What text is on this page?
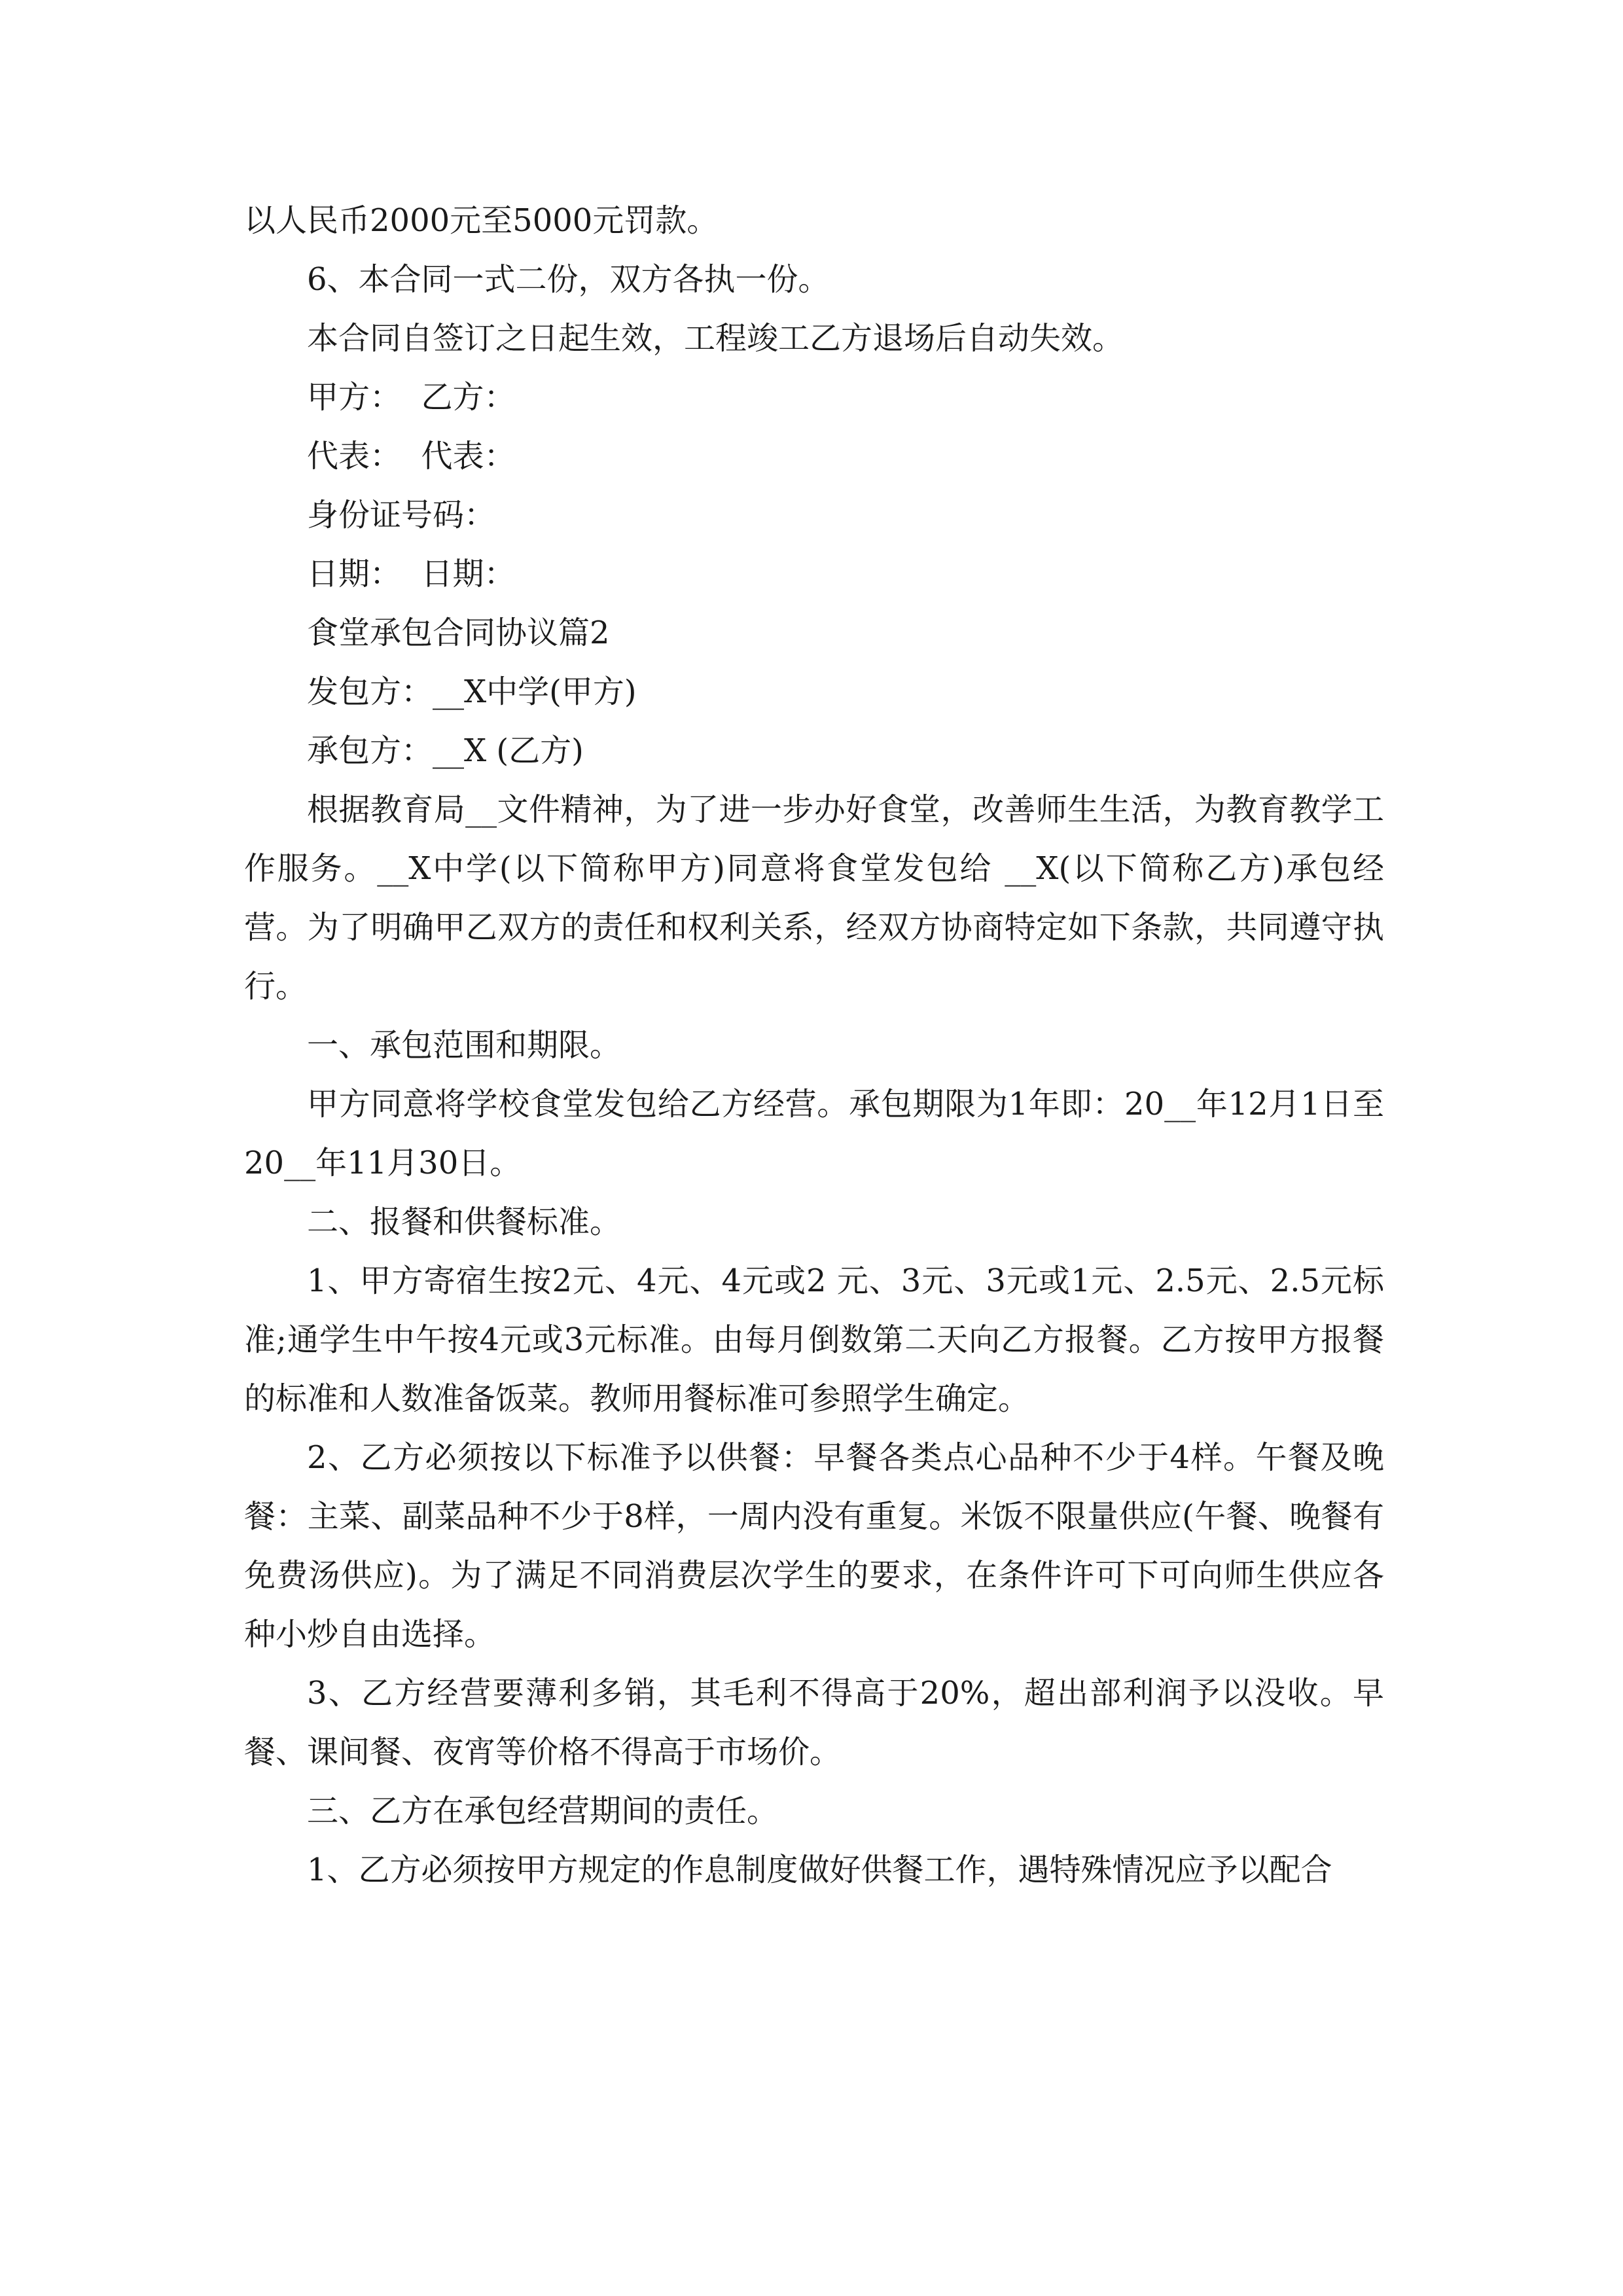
以人民币2000元至5000元罚款。

6、本合同一式二份，双方各执一份。

本合同自签订之日起生效，工程竣工乙方退场后自动失效。

甲方：  乙方：

代表：  代表：

身份证号码：

日期：  日期：

食堂承包合同协议篇2

发包方：__X中学(甲方)

承包方：__X (乙方)

根据教育局__文件精神，为了进一步办好食堂，改善师生生活，为教育教学工作服务。__X中学(以下简称甲方)同意将食堂发包给 __X(以下简称乙方)承包经营。为了明确甲乙双方的责任和权利关系，经双方协商特定如下条款，共同遵守执行。

一、承包范围和期限。

甲方同意将学校食堂发包给乙方经营。承包期限为1年即：20__年12月1日至20__年11月30日。

二、报餐和供餐标准。

1、甲方寄宿生按2元、4元、4元或2 元、3元、3元或1元、2.5元、2.5元标准;通学生中午按4元或3元标准。由每月倒数第二天向乙方报餐。乙方按甲方报餐的标准和人数准备饭菜。教师用餐标准可参照学生确定。

2、乙方必须按以下标准予以供餐：早餐各类点心品种不少于4样。午餐及晚餐：主菜、副菜品种不少于8样，一周内没有重复。米饭不限量供应(午餐、晚餐有免费汤供应)。为了满足不同消费层次学生的要求，在条件许可下可向师生供应各种小炒自由选择。

3、乙方经营要薄利多销，其毛利不得高于20%，超出部利润予以没收。早餐、课间餐、夜宵等价格不得高于市场价。

三、乙方在承包经营期间的责任。

1、乙方必须按甲方规定的作息制度做好供餐工作，遇特殊情况应予以配合
